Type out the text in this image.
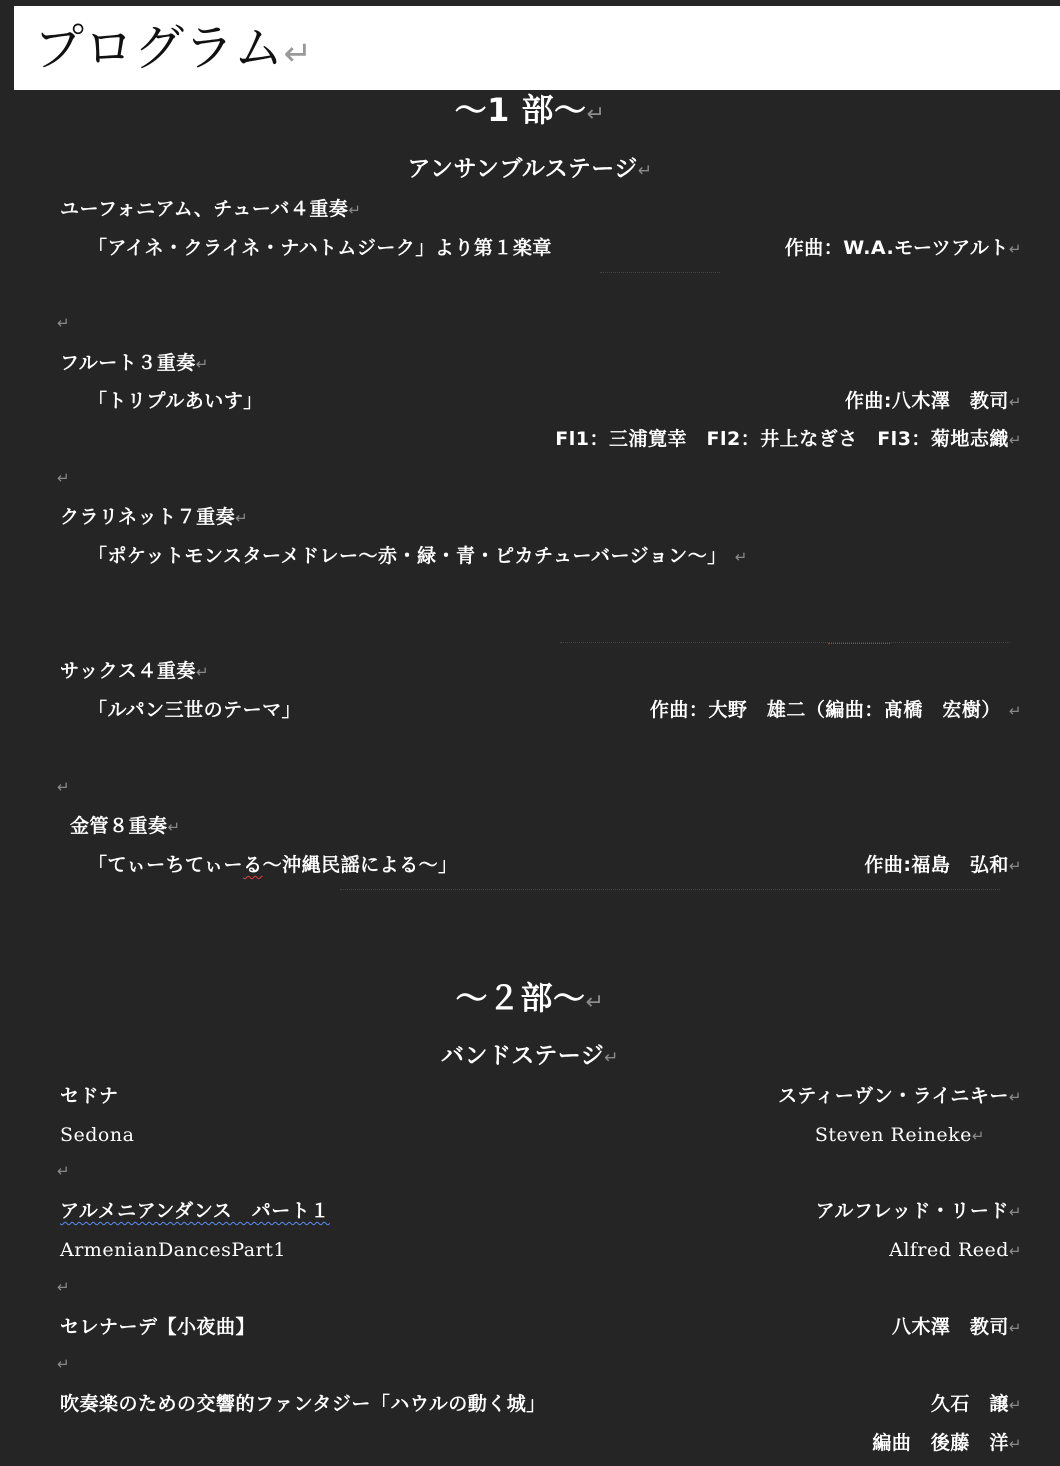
プログラム↵
〜1 部〜↵
アンサンブルステージ↵
ユーフォニアム、チューバ４重奏↵
「アイネ・クライネ・ナハトムジーク」より第１楽章	作曲：W.A.モーツアルト↵
↵
フルート３重奏↵
「トリプルあいす」	作曲:八木澤　教司↵
Fl1：三浦寛幸　Fl2：井上なぎさ　Fl3：菊地志織↵
↵
クラリネット７重奏↵
「ポケットモンスターメドレー〜赤・緑・青・ピカチューバージョン〜」 ↵
サックス４重奏↵
「ルパン三世のテーマ」	作曲：大野　雄二（編曲：髙橋　宏樹） ↵
↵
金管８重奏↵
「てぃーちてぃーる〜沖縄民謡による〜」	作曲:福島　弘和↵
〜２部〜↵
バンドステージ↵
セドナ	スティーヴン・ライニキー↵
Sedona	Steven Reineke↵
↵
アルメニアンダンス　パート１	アルフレッド・リード↵
ArmenianDancesPart1	Alfred Reed↵
↵
セレナーデ【小夜曲】	八木澤　教司↵
↵
吹奏楽のための交響的ファンタジー「ハウルの動く城」	久石　譲↵
編曲　後藤　洋↵
